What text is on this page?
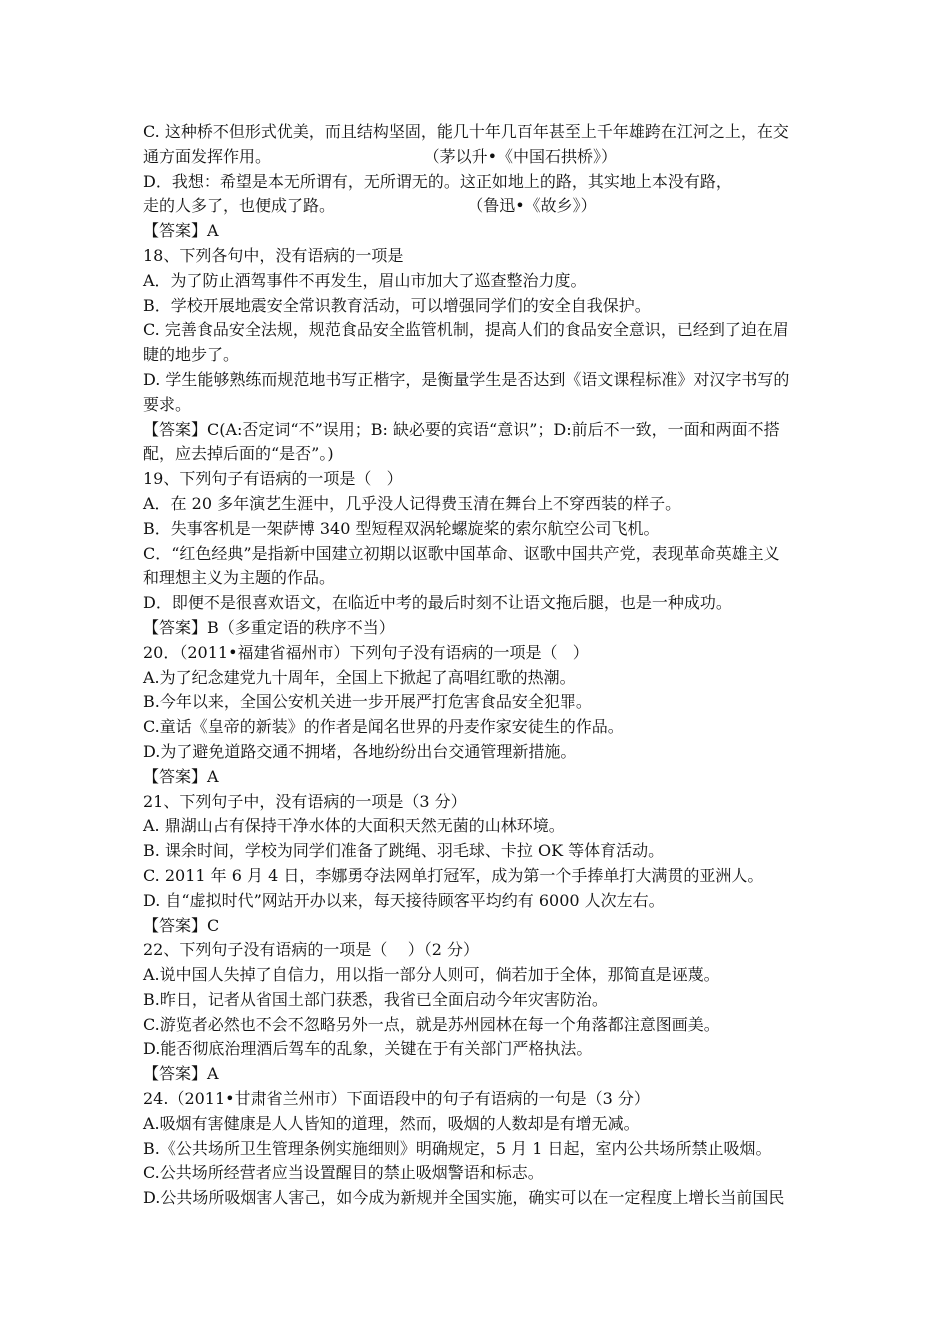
C. 这种桥不但形式优美，而且结构坚固，能几十年几百年甚至上千年雄跨在江河之上，在交
通方面发挥作用。                              （茅以升•《中国石拱桥》）
D．我想：希望是本无所谓有，无所谓无的。这正如地上的路，其实地上本没有路，
走的人多了，也便成了路。                          （鲁迅•《故乡》）
【答案】A
18、下列各句中，没有语病的一项是
A．为了防止酒驾事件不再发生，眉山市加大了巡查整治力度。
B．学校开展地震安全常识教育活动，可以增强同学们的安全自我保护。
C. 完善食品安全法规，规范食品安全监管机制，提高人们的食品安全意识，已经到了迫在眉
睫的地步了。
D. 学生能够熟练而规范地书写正楷字，是衡量学生是否达到《语文课程标准》对汉字书写的
要求。
【答案】C(A:否定词“不”误用；B: 缺必要的宾语“意识”；D:前后不一致，一面和两面不搭
配，应去掉后面的“是否”。)
19、下列句子有语病的一项是（   ）
A．在 20 多年演艺生涯中，几乎没人记得费玉清在舞台上不穿西装的样子。
B．失事客机是一架萨博 340 型短程双涡轮螺旋桨的索尔航空公司飞机。
C．“红色经典”是指新中国建立初期以讴歌中国革命、讴歌中国共产党，表现革命英雄主义
和理想主义为主题的作品。
D．即便不是很喜欢语文，在临近中考的最后时刻不让语文拖后腿，也是一种成功。
【答案】B（多重定语的秩序不当）
20．（2011•福建省福州市）下列句子没有语病的一项是（   ）
A.为了纪念建党九十周年，全国上下掀起了高唱红歌的热潮。
B.今年以来，全国公安机关进一步开展严打危害食品安全犯罪。
C.童话《皇帝的新装》的作者是闻名世界的丹麦作家安徒生的作品。
D.为了避免道路交通不拥堵，各地纷纷出台交通管理新措施。
【答案】A
21、下列句子中，没有语病的一项是（3 分）
A. 鼎湖山占有保持干净水体的大面积天然无菌的山林环境。
B. 课余时间，学校为同学们准备了跳绳、羽毛球、卡拉 OK 等体育活动。
C. 2011 年 6 月 4 日，李娜勇夺法网单打冠军，成为第一个手捧单打大满贯的亚洲人。
D. 自“虚拟时代”网站开办以来，每天接待顾客平均约有 6000 人次左右。
【答案】C
22、下列句子没有语病的一项是（    ）（2 分）
A.说中国人失掉了自信力，用以指一部分人则可，倘若加于全体，那简直是诬蔑。
B.昨日，记者从省国土部门获悉，我省已全面启动今年灾害防治。
C.游览者必然也不会不忽略另外一点，就是苏州园林在每一个角落都注意图画美。
D.能否彻底治理酒后驾车的乱象，关键在于有关部门严格执法。
【答案】A
24.（2011•甘肃省兰州市）下面语段中的句子有语病的一句是（3 分）
A.吸烟有害健康是人人皆知的道理，然而，吸烟的人数却是有增无减。
B.《公共场所卫生管理条例实施细则》明确规定，5 月 1 日起，室内公共场所禁止吸烟。
C.公共场所经营者应当设置醒目的禁止吸烟警语和标志。
D.公共场所吸烟害人害己，如今成为新规并全国实施，确实可以在一定程度上增长当前国民
